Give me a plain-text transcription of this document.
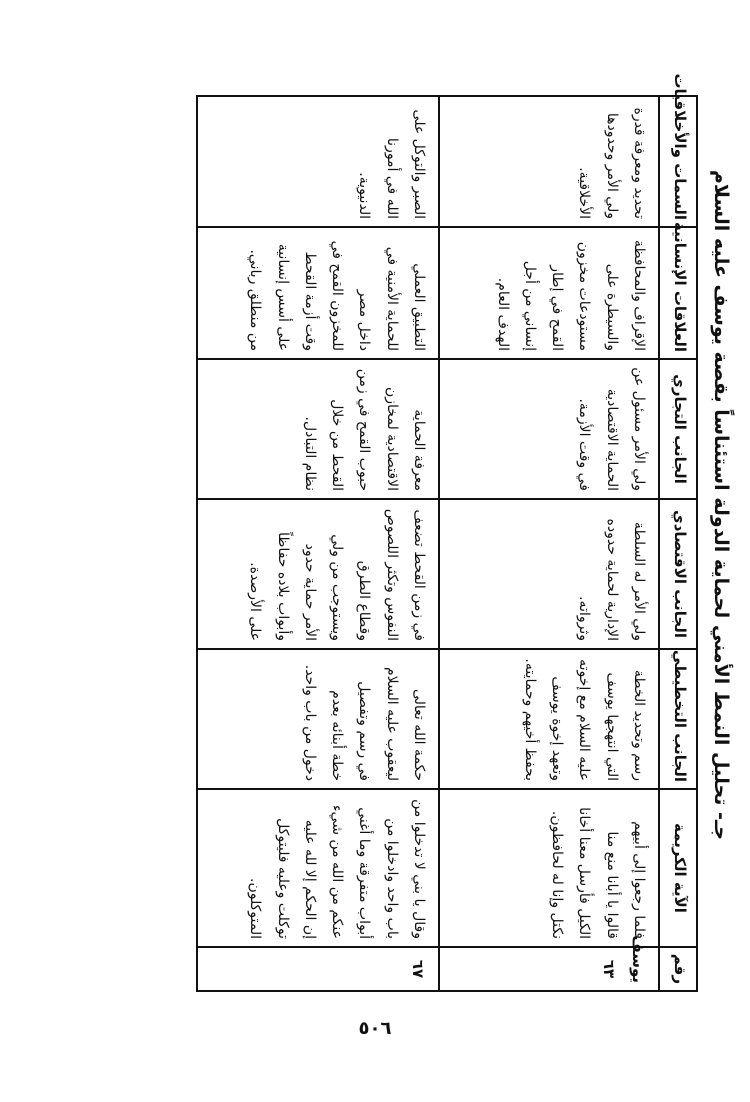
جـ- تحليل النمط الأمني لحماية الدولة استئناساً بقصة يوسف عليه السلام
رقم	الآية الكريمة	الجانب التخطيطي	الجانب الاقتصادي	الجانب التجاري	العلاقات الإنسانية	السمات والأخلاقيات
يوسف ٦٣	فلما رجعوا إلى أبيهم قالوا يا أبانا منع منا الكيل فأرسل معنا أخانا نكتل وإنا له لحافظون.	رسم وتحديد الخطة التي انتهجها يوسف عليه السلام مع إخوته وتعهد إخوة يوسف بحفظ أخيهم وحمايته.	ولي الأمر له السلطة الإدارية لحماية حدوده وثرواته.	ولي الأمر مسئول عن الحماية الاقتصادية في وقت الأزمة.	الإقراف والمحافظة والسيطرة على مستودعات مخزون القمح في إطار إنساني من أجل الهدف العام.	تحديد ومعرفة قدرة ولي الأمر وحدودها الأخلاقية.
٦٧	وقال يا بني لا تدخلوا من باب واحد وادخلوا من أبواب متفرقة وما أغني عنكم من الله من شيء إن الحكم إلا لله عليه توكلت وعليه فليتوكل المتوكلون.	حكمة الله تعالى ليعقوب عليه السلام في رسم وتفصيل خطة أبنائه بعدم دخول من باب واحد.	في زمن القحط تضعف النفوس وتكثر اللصوص وقطاع الطرق ويستوجب من ولي الأمر حماية حدود وأبواب بلاده حفاظاً على الأرصدة.	معرفة الحماية الاقتصادية لمخازن حبوب القمح في زمن القحط من خلال نظام التبادل.	التطبيق العملي للحماية الأمنية في داخل مصر للمخزون القمح في وقت أزمة القحط على أسس إنسانية من منطلق رباني.	الصبر والتوكل على الله في أمورنا الدنيوية.
٥٠٦
